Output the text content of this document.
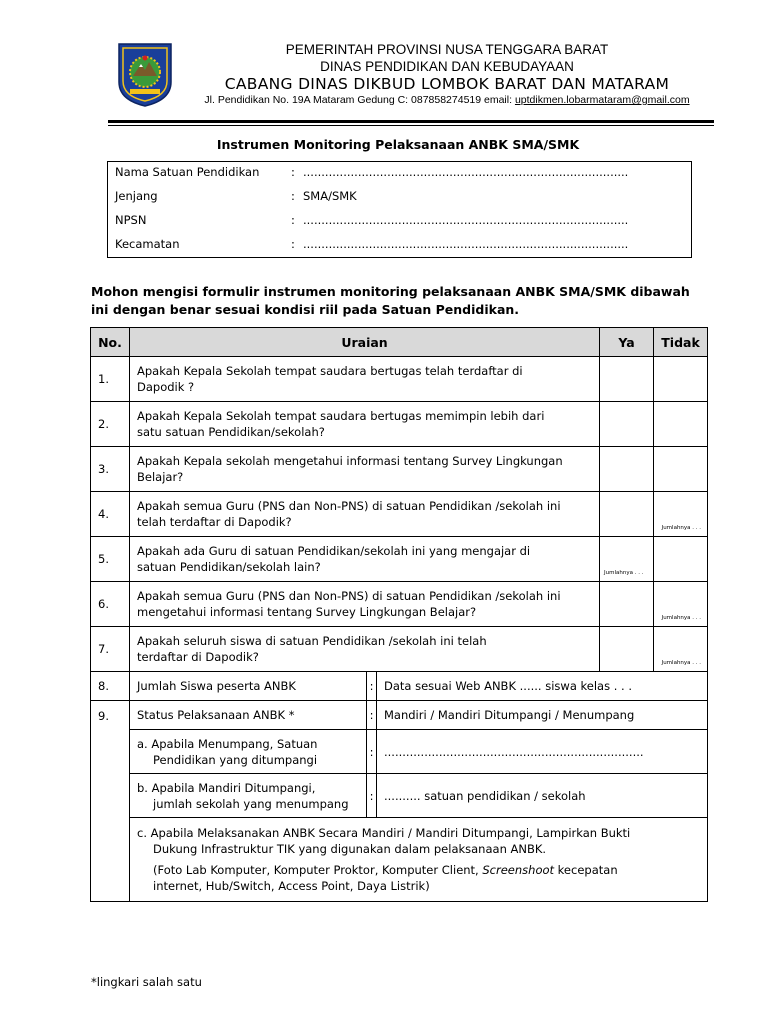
PEMERINTAH PROVINSI NUSA TENGGARA BARAT
DINAS PENDIDIKAN DAN KEBUDAYAAN
CABANG DINAS DIKBUD LOMBOK BARAT DAN MATARAM
Jl. Pendidikan No. 19A Mataram Gedung C: 087858274519 email: uptdikmen.lobarmataram@gmail.com
Instrumen Monitoring Pelaksanaan ANBK SMA/SMK
Nama Satuan Pendidikan	: .........................................................................................
Jenjang	: SMA/SMK
NPSN	: .........................................................................................
Kecamatan	: .........................................................................................
Mohon mengisi formulir instrumen monitoring pelaksanaan ANBK SMA/SMK dibawah ini dengan benar sesuai kondisi riil pada Satuan Pendidikan.
No.	Uraian			Ya	Tidak
1.	Apakah Kepala Sekolah tempat saudara bertugas telah terdaftar di
Dapodik ?				

2.	Apakah Kepala Sekolah tempat saudara bertugas memimpin lebih dari
satu satuan Pendidikan/sekolah?				

3.	Apakah Kepala sekolah mengetahui informasi tentang Survey Lingkungan
Belajar?				

4.	Apakah semua Guru (PNS dan Non-PNS) di satuan Pendidikan /sekolah ini
telah terdaftar di Dapodik?				Jumlahnya . . .

5.	Apakah ada Guru di satuan Pendidikan/sekolah ini yang mengajar di
satuan Pendidikan/sekolah lain?			Jumlahnya . . .	

6.	Apakah semua Guru (PNS dan Non-PNS) di satuan Pendidikan /sekolah ini
mengetahui informasi tentang Survey Lingkungan Belajar?				Jumlahnya . . .

7.	Apakah seluruh siswa di satuan Pendidikan /sekolah ini telah
terdaftar di Dapodik?				Jumlahnya . . .

8.	Jumlah Siswa peserta ANBK	:	Data sesuai Web ANBK ...... siswa kelas . . .		
9.	Status Pelaksanaan ANBK *	:	Mandiri / Mandiri Ditumpangi / Menumpang		

	a. Apabila Menumpang, Satuan
Pendidikan yang ditumpangi	:	.......................................................................		

	b. Apabila Mandiri Ditumpangi,
jumlah sekolah yang menumpang	:	.......... satuan pendidikan / sekolah		

	c. Apabila Melaksanakan ANBK Secara Mandiri / Mandiri Ditumpangi, Lampirkan Bukti
Dukung Infrastruktur TIK yang digunakan dalam pelaksanaan ANBK.
(Foto Lab Komputer, Komputer Proktor, Komputer Client, Screenshoot kecepatan
internet, Hub/Switch, Access Point, Daya Listrik)				
*lingkari salah satu
